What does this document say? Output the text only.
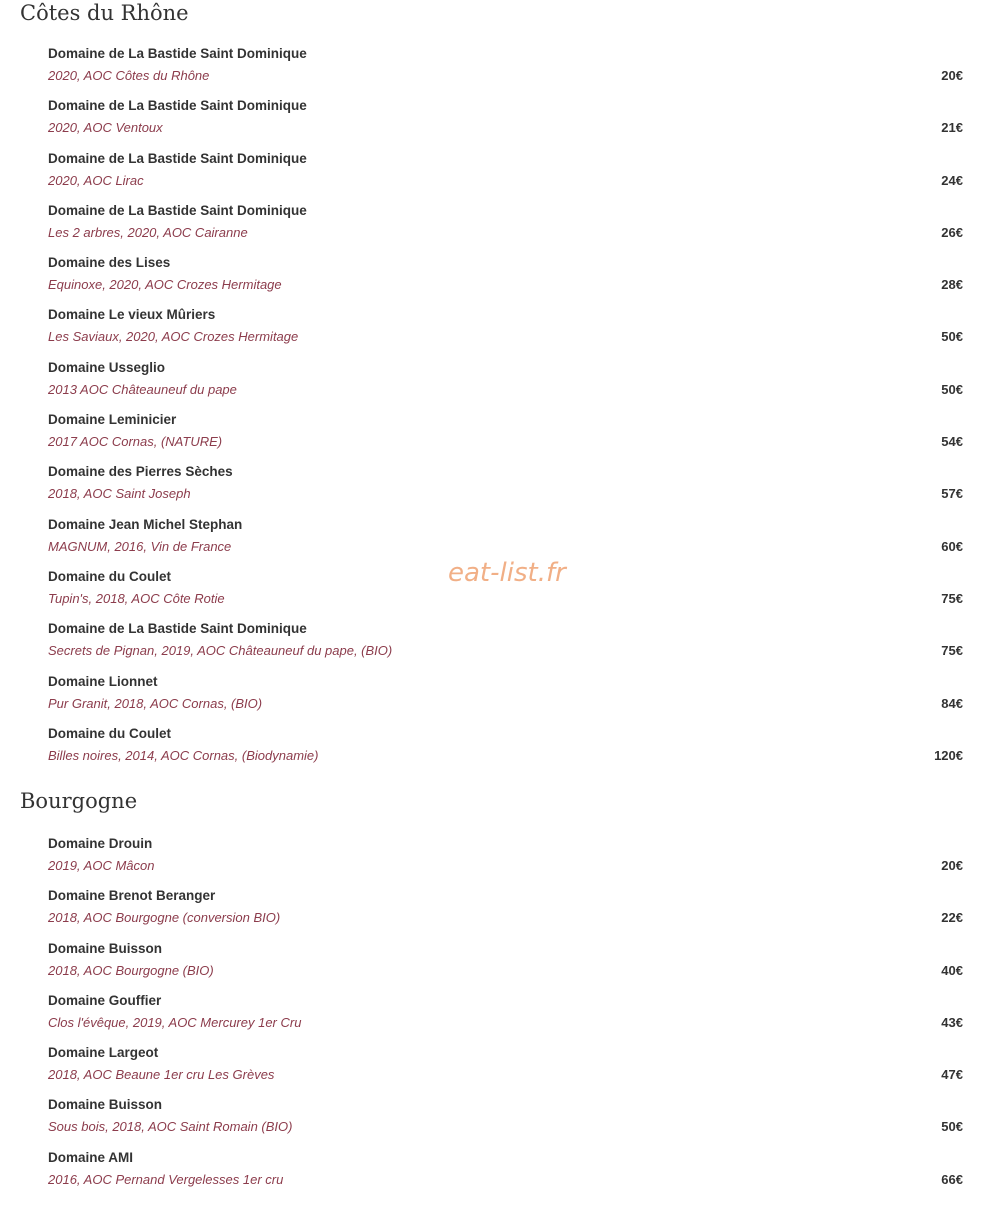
Côtes du Rhône
Domaine de La Bastide Saint Dominique
2020, AOC Côtes du Rhône	20€
Domaine de La Bastide Saint Dominique
2020, AOC Ventoux	21€
Domaine de La Bastide Saint Dominique
2020, AOC Lirac	24€
Domaine de La Bastide Saint Dominique
Les 2 arbres, 2020, AOC Cairanne	26€
Domaine des Lises
Equinoxe, 2020, AOC Crozes Hermitage	28€
Domaine Le vieux Mûriers
Les Saviaux, 2020, AOC Crozes Hermitage	50€
Domaine Usseglio
2013 AOC Châteauneuf du pape	50€
Domaine Leminicier
2017 AOC Cornas, (NATURE)	54€
Domaine des Pierres Sèches
2018, AOC Saint Joseph	57€
Domaine Jean Michel Stephan
MAGNUM, 2016, Vin de France	60€
Domaine du Coulet
Tupin's, 2018, AOC Côte Rotie	75€
Domaine de La Bastide Saint Dominique
Secrets de Pignan, 2019, AOC Châteauneuf du pape, (BIO)	75€
Domaine Lionnet
Pur Granit, 2018, AOC Cornas, (BIO)	84€
Domaine du Coulet
Billes noires, 2014, AOC Cornas, (Biodynamie)	120€
Bourgogne
Domaine Drouin
2019, AOC Mâcon	20€
Domaine Brenot Beranger
2018, AOC Bourgogne (conversion BIO)	22€
Domaine Buisson
2018, AOC Bourgogne (BIO)	40€
Domaine Gouffier
Clos l'évêque, 2019, AOC Mercurey 1er Cru	43€
Domaine Largeot
2018, AOC Beaune 1er cru Les Grèves	47€
Domaine Buisson
Sous bois, 2018, AOC Saint Romain (BIO)	50€
Domaine AMI
2016, AOC Pernand Vergelesses 1er cru	66€
eat-list.fr
